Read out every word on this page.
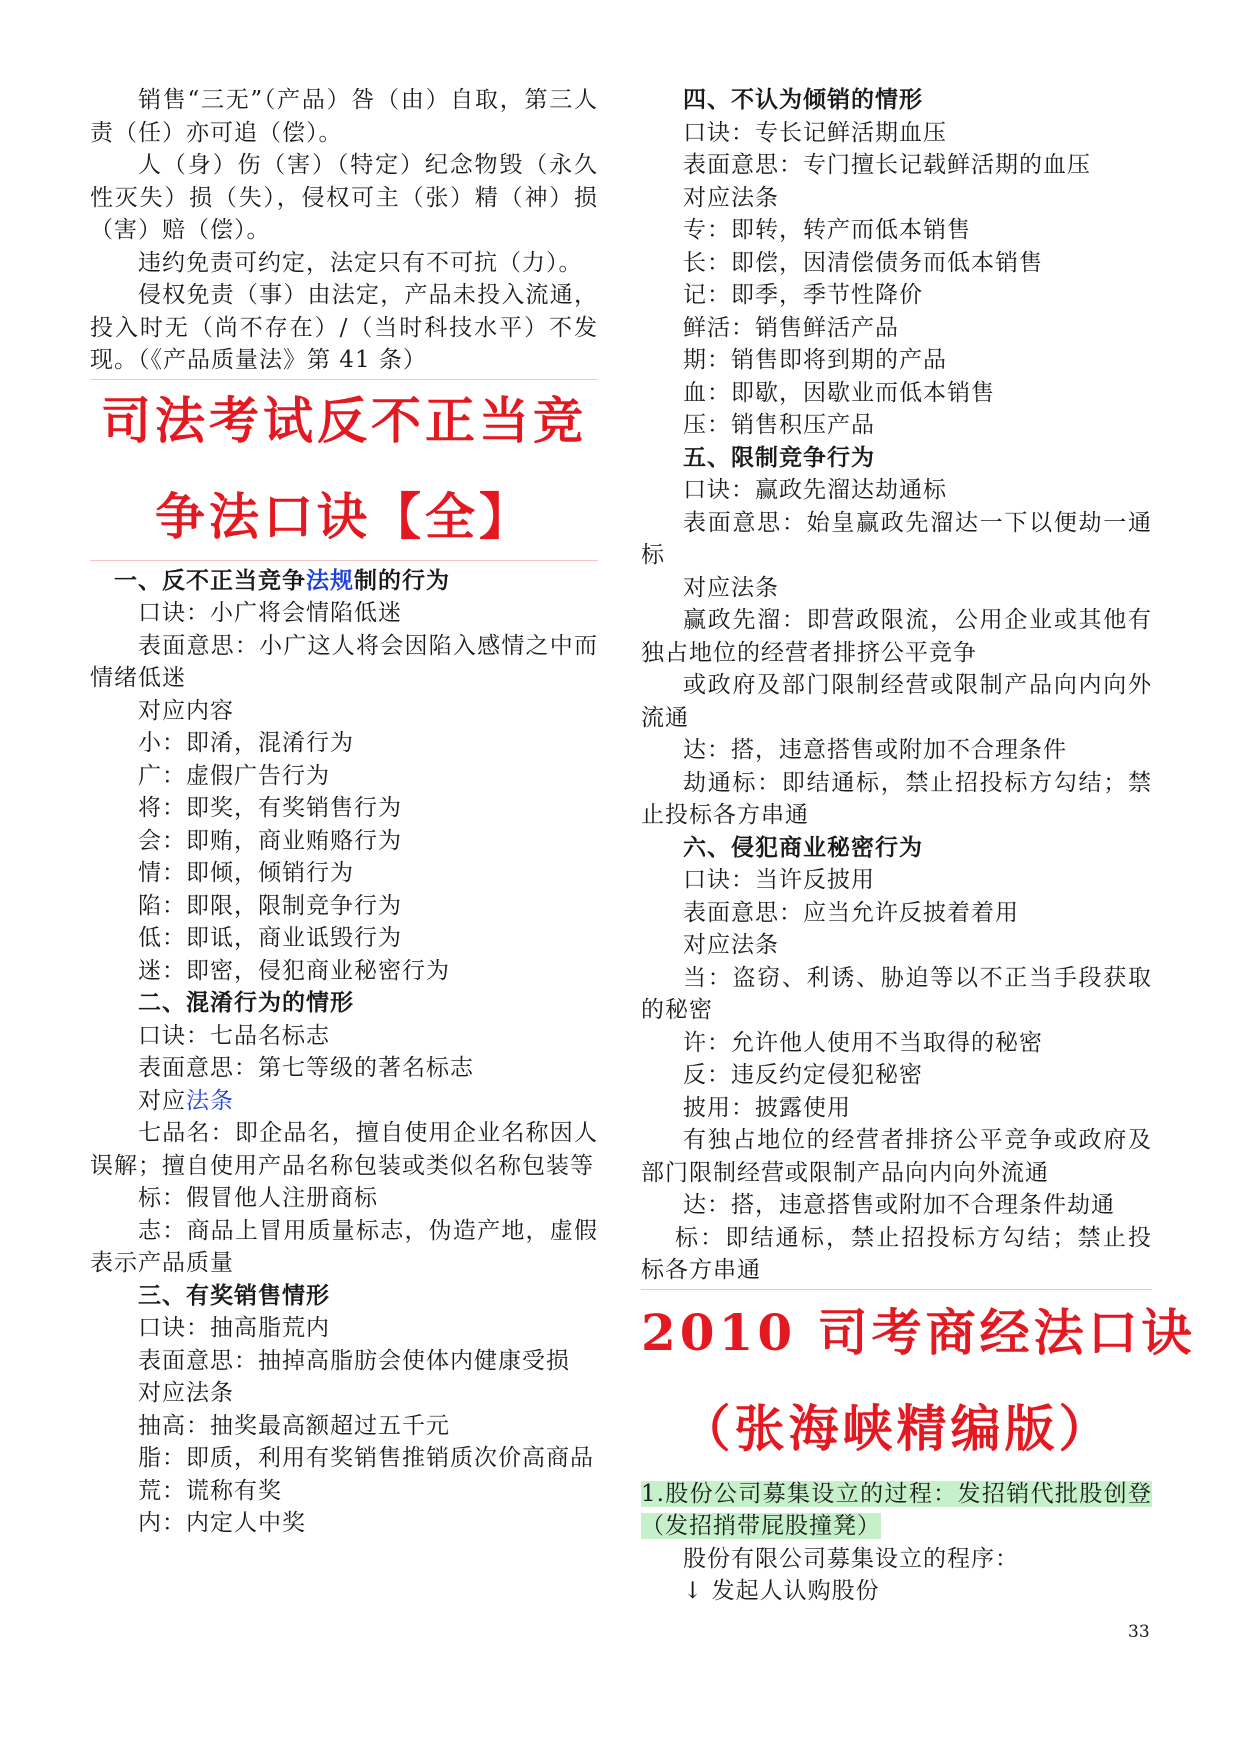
销售“三无”（产品）咎（由）自取，第三人责（任）亦可追（偿）。
人（身）伤（害）（特定）纪念物毁（永久性灭失）损（失），侵权可主（张）精（神）损（害）赔（偿）。
违约免责可约定，法定只有不可抗（力）。
侵权免责（事）由法定，产品未投入流通，投入时无（尚不存在）/（当时科技水平）不发现。（《产品质量法》第 41 条）
司法考试反不正当竞
争法口诀【全】
一、反不正当竞争法规制的行为
口诀：小广将会情陷低迷
表面意思：小广这人将会因陷入感情之中而情绪低迷
对应内容
小：即淆，混淆行为
广：虚假广告行为
将：即奖，有奖销售行为
会：即贿，商业贿赂行为
情：即倾，倾销行为
陷：即限，限制竞争行为
低：即诋，商业诋毁行为
迷：即密，侵犯商业秘密行为
二、混淆行为的情形
口诀：七品名标志
表面意思：第七等级的著名标志
对应法条
七品名：即企品名，擅自使用企业名称因人误解；擅自使用产品名称包装或类似名称包装等
标：假冒他人注册商标
志：商品上冒用质量标志，伪造产地，虚假表示产品质量
三、有奖销售情形
口诀：抽高脂荒内
表面意思：抽掉高脂肪会使体内健康受损
对应法条
抽高：抽奖最高额超过五千元
脂：即质，利用有奖销售推销质次价高商品
荒：谎称有奖
内：内定人中奖
四、不认为倾销的情形
口诀：专长记鲜活期血压
表面意思：专门擅长记载鲜活期的血压
对应法条
专：即转，转产而低本销售
长：即偿，因清偿债务而低本销售
记：即季，季节性降价
鲜活：销售鲜活产品
期：销售即将到期的产品
血：即歇，因歇业而低本销售
压：销售积压产品
五、限制竞争行为
口诀：赢政先溜达劫通标
表面意思：始皇赢政先溜达一下以便劫一通标
对应法条
赢政先溜：即营政限流，公用企业或其他有独占地位的经营者排挤公平竞争
或政府及部门限制经营或限制产品向内向外流通
达：搭，违意搭售或附加不合理条件
劫通标：即结通标，禁止招投标方勾结；禁止投标各方串通
六、侵犯商业秘密行为
口诀：当许反披用
表面意思：应当允许反披着着用
对应法条
当：盗窃、利诱、胁迫等以不正当手段获取的秘密
许：允许他人使用不当取得的秘密
反：违反约定侵犯秘密
披用：披露使用
有独占地位的经营者排挤公平竞争或政府及部门限制经营或限制产品向内向外流通
达：搭，违意搭售或附加不合理条件劫通
标：即结通标，禁止招投标方勾结；禁止投标各方串通
2010 司考商经法口诀
（张海峡精编版）
1.股份公司募集设立的过程：发招销代批股创登（发招捎带屁股撞凳）
股份有限公司募集设立的程序：
↓ 发起人认购股份
33
